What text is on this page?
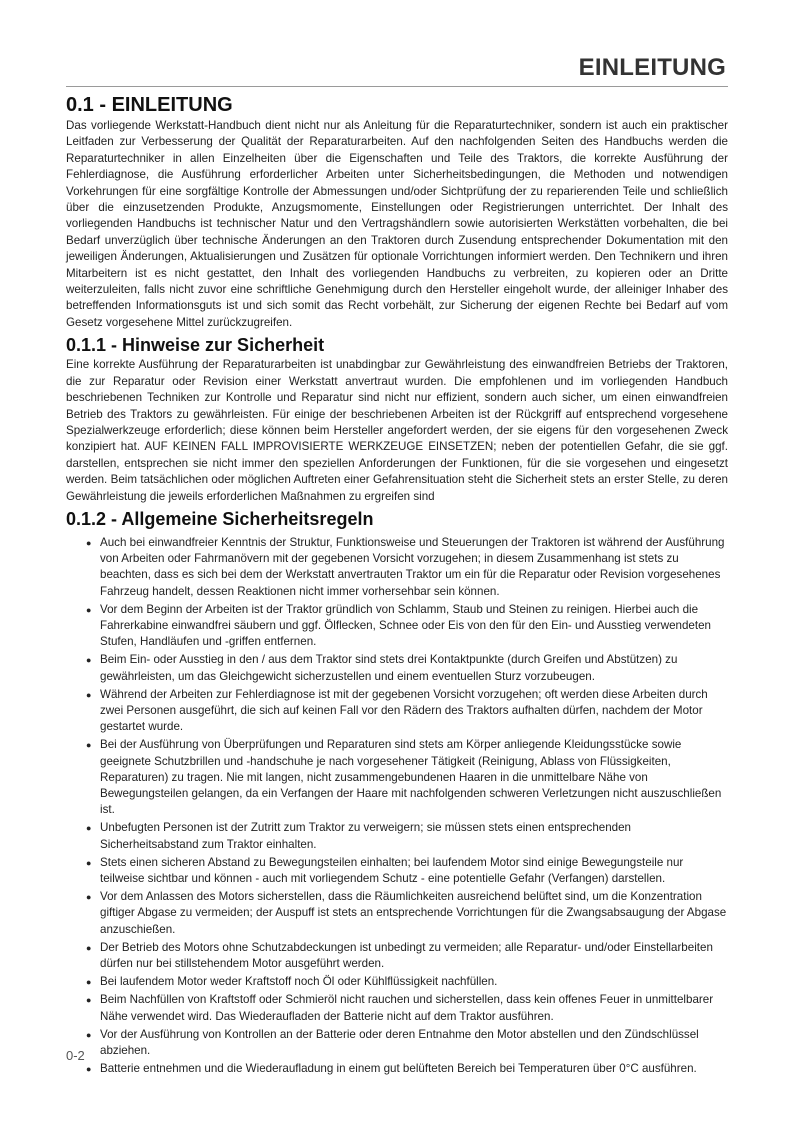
EINLEITUNG
0.1 - EINLEITUNG

Das vorliegende Werkstatt-Handbuch dient nicht nur als Anleitung für die Reparaturtechniker, sondern ist auch ein praktischer Leitfaden zur Verbesserung der Qualität der Reparaturarbeiten. Auf den nachfolgenden Seiten des Handbuchs werden die Reparaturtechniker in allen Einzelheiten über die Eigenschaften und Teile des Traktors, die korrekte Ausführung der Fehlerdiagnose, die Ausführung erforderlicher Arbeiten unter Sicherheitsbedingungen, die Methoden und notwendigen Vorkehrungen für eine sorgfältige Kontrolle der Abmessungen und/oder Sichtprüfung der zu reparierenden Teile und schließlich über die einzusetzenden Produkte, Anzugsmomente, Einstellungen oder Registrierungen unterrichtet. Der Inhalt des vorliegenden Handbuchs ist technischer Natur und den Vertragshändlern sowie autorisierten Werkstätten vorbehalten, die bei Bedarf unverzüglich über technische Änderungen an den Traktoren durch Zusendung entsprechender Dokumentation mit den jeweiligen Änderungen, Aktualisierungen und Zusätzen für optionale Vorrichtungen informiert werden. Den Technikern und ihren Mitarbeitern ist es nicht gestattet, den Inhalt des vorliegenden Handbuchs zu verbreiten, zu kopieren oder an Dritte weiterzuleiten, falls nicht zuvor eine schriftliche Genehmigung durch den Hersteller eingeholt wurde, der alleiniger Inhaber des betreffenden Informationsguts ist und sich somit das Recht vorbehält, zur Sicherung der eigenen Rechte bei Bedarf auf vom Gesetz vorgesehene Mittel zurückzugreifen.

0.1.1 - Hinweise zur Sicherheit

Eine korrekte Ausführung der Reparaturarbeiten ist unabdingbar zur Gewährleistung des einwandfreien Betriebs der Traktoren, die zur Reparatur oder Revision einer Werkstatt anvertraut wurden. Die empfohlenen und im vorliegenden Handbuch beschriebenen Techniken zur Kontrolle und Reparatur sind nicht nur effizient, sondern auch sicher, um einen einwandfreien Betrieb des Traktors zu gewährleisten. Für einige der beschriebenen Arbeiten ist der Rückgriff auf entsprechend vorgesehene Spezialwerkzeuge erforderlich; diese können beim Hersteller angefordert werden, der sie eigens für den vorgesehenen Zweck konzipiert hat. AUF KEINEN FALL IMPROVISIERTE WERKZEUGE EINSETZEN; neben der potentiellen Gefahr, die sie ggf. darstellen, entsprechen sie nicht immer den speziellen Anforderungen der Funktionen, für die sie vorgesehen und eingesetzt werden. Beim tatsächlichen oder möglichen Auftreten einer Gefahrensituation steht die Sicherheit stets an erster Stelle, zu deren Gewährleistung die jeweils erforderlichen Maßnahmen zu ergreifen sind

0.1.2 - Allgemeine Sicherheitsregeln
● Auch bei einwandfreier Kenntnis der Struktur, Funktionsweise und Steuerungen der Traktoren ist während der Ausführung von Arbeiten oder Fahrmanövern mit der gegebenen Vorsicht vorzugehen; in diesem Zusammenhang ist stets zu beachten, dass es sich bei dem der Werkstatt anvertrauten Traktor um ein für die Reparatur oder Revision vorgesehenes Fahrzeug handelt, dessen Reaktionen nicht immer vorhersehbar sein können.
● Vor dem Beginn der Arbeiten ist der Traktor gründlich von Schlamm, Staub und Steinen zu reinigen. Hierbei auch die Fahrerkabine einwandfrei säubern und ggf. Ölflecken, Schnee oder Eis von den für den Ein- und Ausstieg verwendeten Stufen, Handläufen und -griffen entfernen.
● Beim Ein- oder Ausstieg in den / aus dem Traktor sind stets drei Kontaktpunkte (durch Greifen und Abstützen) zu gewährleisten, um das Gleichgewicht sicherzustellen und einem eventuellen Sturz vorzubeugen.
● Während der Arbeiten zur Fehlerdiagnose ist mit der gegebenen Vorsicht vorzugehen; oft werden diese Arbeiten durch zwei Personen ausgeführt, die sich auf keinen Fall vor den Rädern des Traktors aufhalten dürfen, nachdem der Motor gestartet wurde.
● Bei der Ausführung von Überprüfungen und Reparaturen sind stets am Körper anliegende Kleidungsstücke sowie geeignete Schutzbrillen und -handschuhe je nach vorgesehener Tätigkeit (Reinigung, Ablass von Flüssigkeiten, Reparaturen) zu tragen. Nie mit langen, nicht zusammengebundenen Haaren in die unmittelbare Nähe von Bewegungsteilen gelangen, da ein Verfangen der Haare mit nachfolgenden schweren Verletzungen nicht auszuschließen ist.
● Unbefugten Personen ist der Zutritt zum Traktor zu verweigern; sie müssen stets einen entsprechenden Sicherheitsabstand zum Traktor einhalten.
● Stets einen sicheren Abstand zu Bewegungsteilen einhalten; bei laufendem Motor sind einige Bewegungsteile nur teilweise sichtbar und können - auch mit vorliegendem Schutz - eine potentielle Gefahr (Verfangen) darstellen.
● Vor dem Anlassen des Motors sicherstellen, dass die Räumlichkeiten ausreichend belüftet sind, um die Konzentration giftiger Abgase zu vermeiden; der Auspuff ist stets an entsprechende Vorrichtungen für die Zwangsabsaugung der Abgase anzuschießen.
● Der Betrieb des Motors ohne Schutzabdeckungen ist unbedingt zu vermeiden; alle Reparatur- und/oder Einstellarbeiten dürfen nur bei stillstehendem Motor ausgeführt werden.
● Bei laufendem Motor weder Kraftstoff noch Öl oder Kühlflüssigkeit nachfüllen.
● Beim Nachfüllen von Kraftstoff oder Schmieröl nicht rauchen und sicherstellen, dass kein offenes Feuer in unmittelbarer Nähe verwendet wird. Das Wiederaufladen der Batterie nicht auf dem Traktor ausführen.
● Vor der Ausführung von Kontrollen an der Batterie oder deren Entnahme den Motor abstellen und den Zündschlüssel abziehen.
● Batterie entnehmen und die Wiederaufladung in einem gut belüfteten Bereich bei Temperaturen über 0°C ausführen.
0-2
